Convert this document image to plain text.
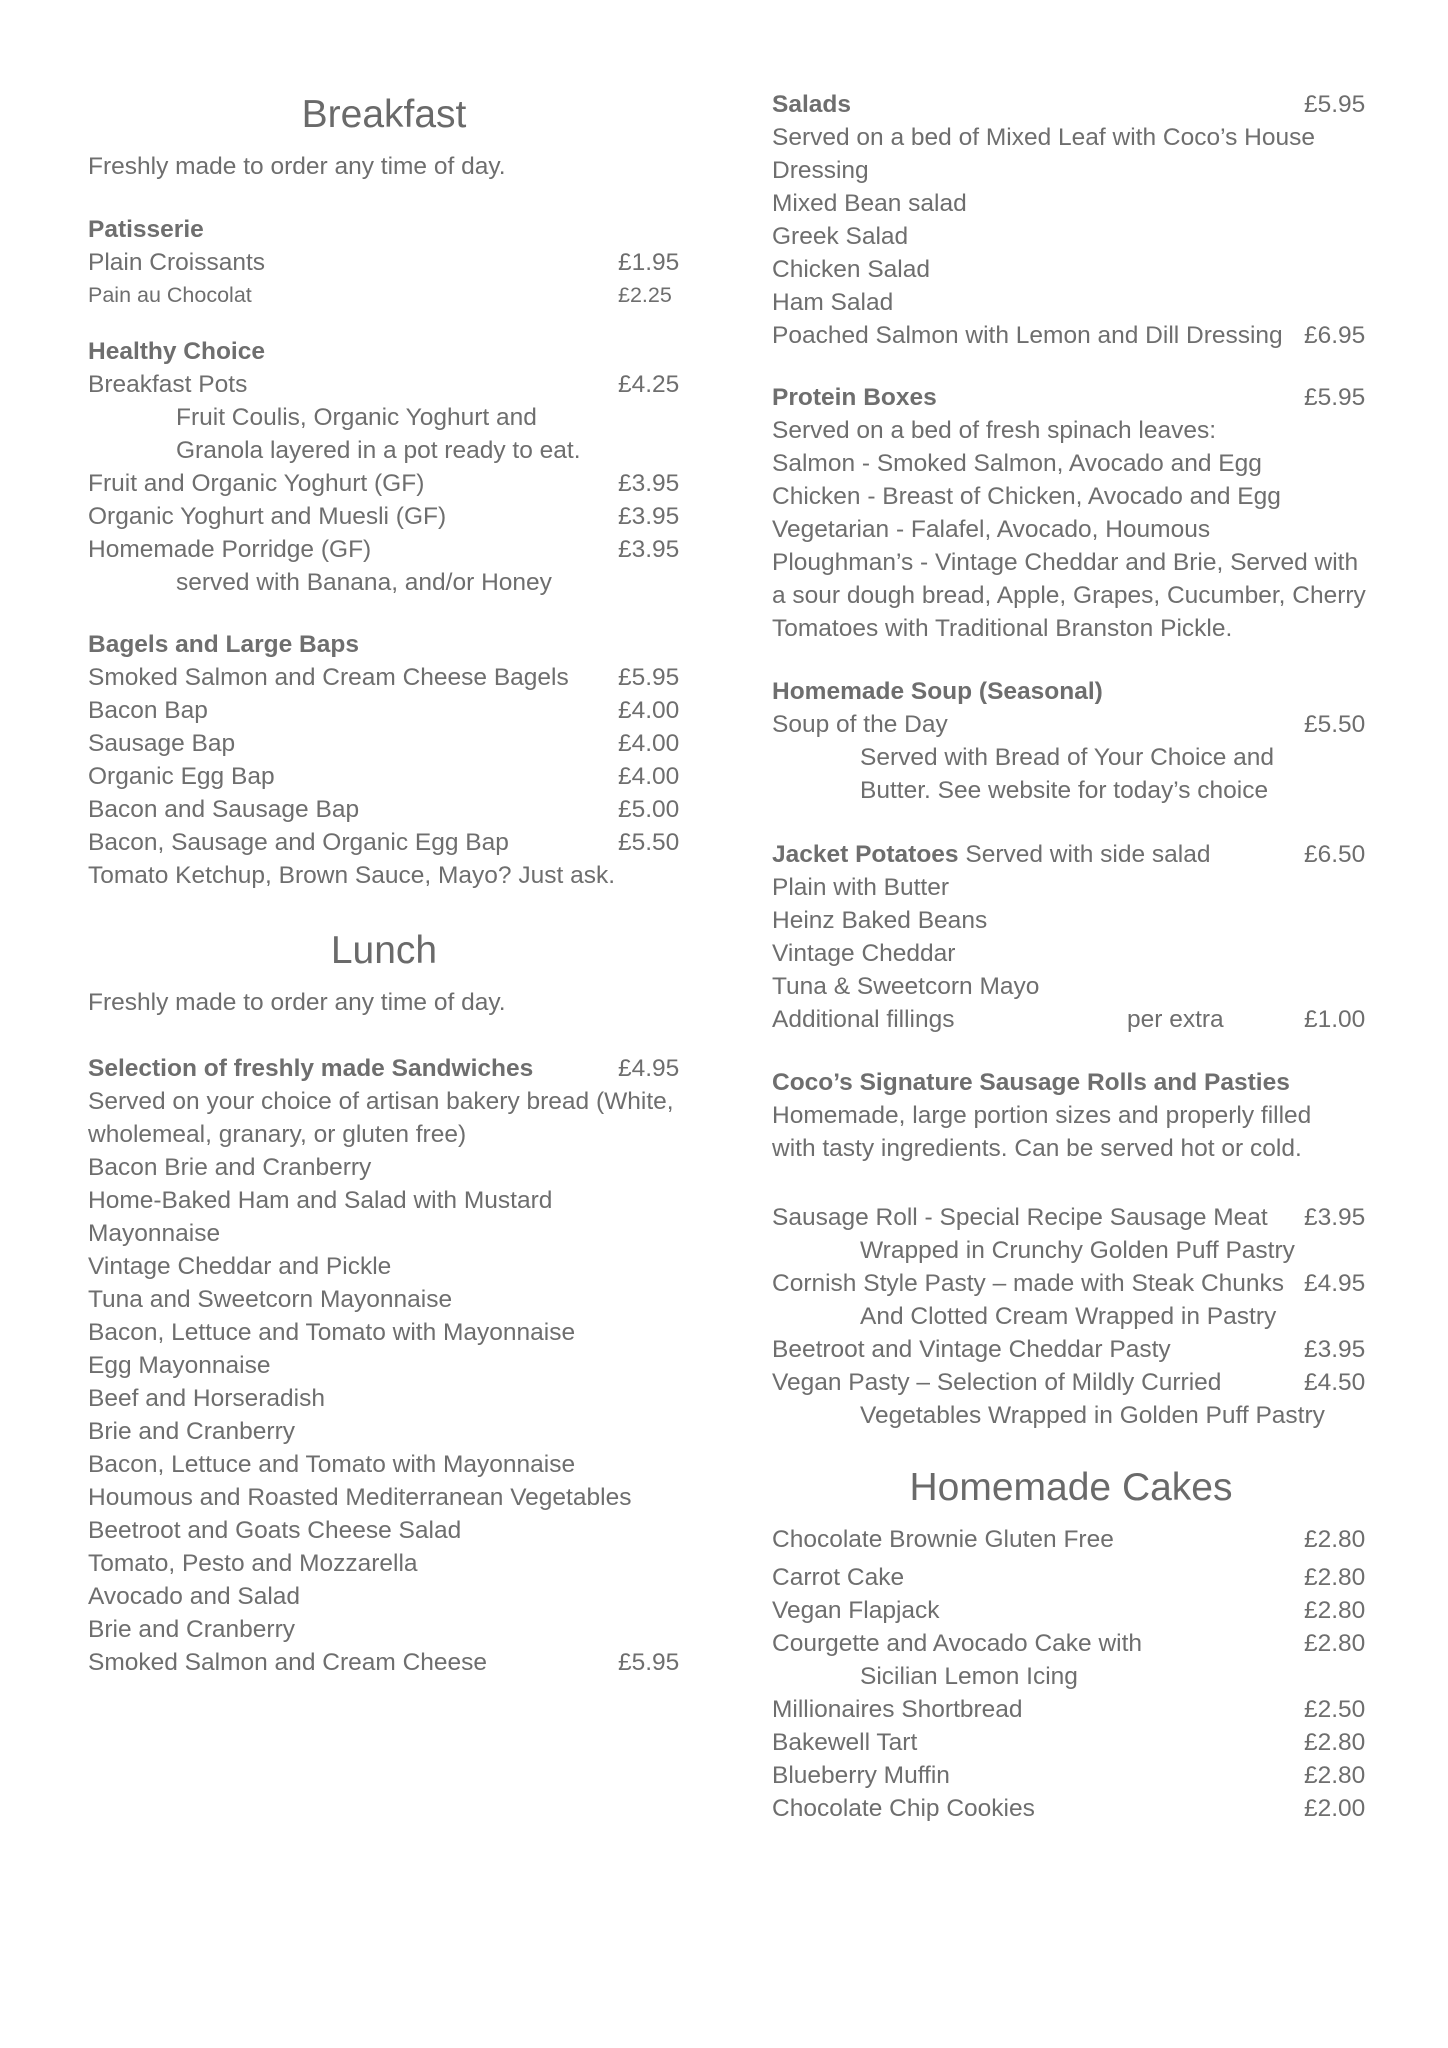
Breakfast
Freshly made to order any time of day.
Patisserie
Plain Croissants	£1.95
Pain au Chocolat	£2.25
Healthy Choice
Breakfast Pots	£4.25
Fruit Coulis, Organic Yoghurt and
Granola layered in a pot ready to eat.
Fruit and Organic Yoghurt (GF)	£3.95
Organic Yoghurt and Muesli (GF)	£3.95
Homemade Porridge (GF)	£3.95
served with Banana, and/or Honey
Bagels and Large Baps
Smoked Salmon and Cream Cheese Bagels £5.95
Bacon Bap	£4.00
Sausage Bap	£4.00
Organic Egg Bap	£4.00
Bacon and Sausage Bap	£5.00
Bacon, Sausage and Organic Egg Bap	£5.50
Tomato Ketchup, Brown Sauce, Mayo? Just ask.
Lunch
Freshly made to order any time of day.
Selection of freshly made Sandwiches	£4.95
Served on your choice of artisan bakery bread (White,
wholemeal, granary, or gluten free)
Bacon Brie and Cranberry
Home-Baked Ham and Salad with Mustard
Mayonnaise
Vintage Cheddar and Pickle
Tuna and Sweetcorn Mayonnaise
Bacon, Lettuce and Tomato with Mayonnaise
Egg Mayonnaise
Beef and Horseradish
Brie and Cranberry
Bacon, Lettuce and Tomato with Mayonnaise
Houmous and Roasted Mediterranean Vegetables
Beetroot and Goats Cheese Salad
Tomato, Pesto and Mozzarella
Avocado and Salad
Brie and Cranberry
Smoked Salmon and Cream Cheese	£5.95
Salads	£5.95
Served on a bed of Mixed Leaf with Coco’s House
Dressing
Mixed Bean salad
Greek Salad
Chicken Salad
Ham Salad
Poached Salmon with Lemon and Dill Dressing £6.95
Protein Boxes	£5.95
Served on a bed of fresh spinach leaves:
Salmon - Smoked Salmon, Avocado and Egg
Chicken - Breast of Chicken, Avocado and Egg
Vegetarian - Falafel, Avocado, Houmous
Ploughman’s - Vintage Cheddar and Brie, Served with
a sour dough bread, Apple, Grapes, Cucumber, Cherry
Tomatoes with Traditional Branston Pickle.
Homemade Soup (Seasonal)
Soup of the Day	£5.50
Served with Bread of Your Choice and
Butter. See website for today’s choice
Jacket Potatoes Served with side salad	£6.50
Plain with Butter
Heinz Baked Beans
Vintage Cheddar
Tuna & Sweetcorn Mayo
Additional fillings	per extra	£1.00
Coco’s Signature Sausage Rolls and Pasties
Homemade, large portion sizes and properly filled
with tasty ingredients. Can be served hot or cold.
Sausage Roll - Special Recipe Sausage Meat £3.95
Wrapped in Crunchy Golden Puff Pastry
Cornish Style Pasty – made with Steak Chunks £4.95
And Clotted Cream Wrapped in Pastry
Beetroot and Vintage Cheddar Pasty	£3.95
Vegan Pasty – Selection of Mildly Curried	£4.50
Vegetables Wrapped in Golden Puff Pastry
Homemade Cakes
Chocolate Brownie Gluten Free	£2.80
Carrot Cake	£2.80
Vegan Flapjack	£2.80
Courgette and Avocado Cake with	£2.80
Sicilian Lemon Icing
Millionaires Shortbread	£2.50
Bakewell Tart	£2.80
Blueberry Muffin	£2.80
Chocolate Chip Cookies	£2.00
